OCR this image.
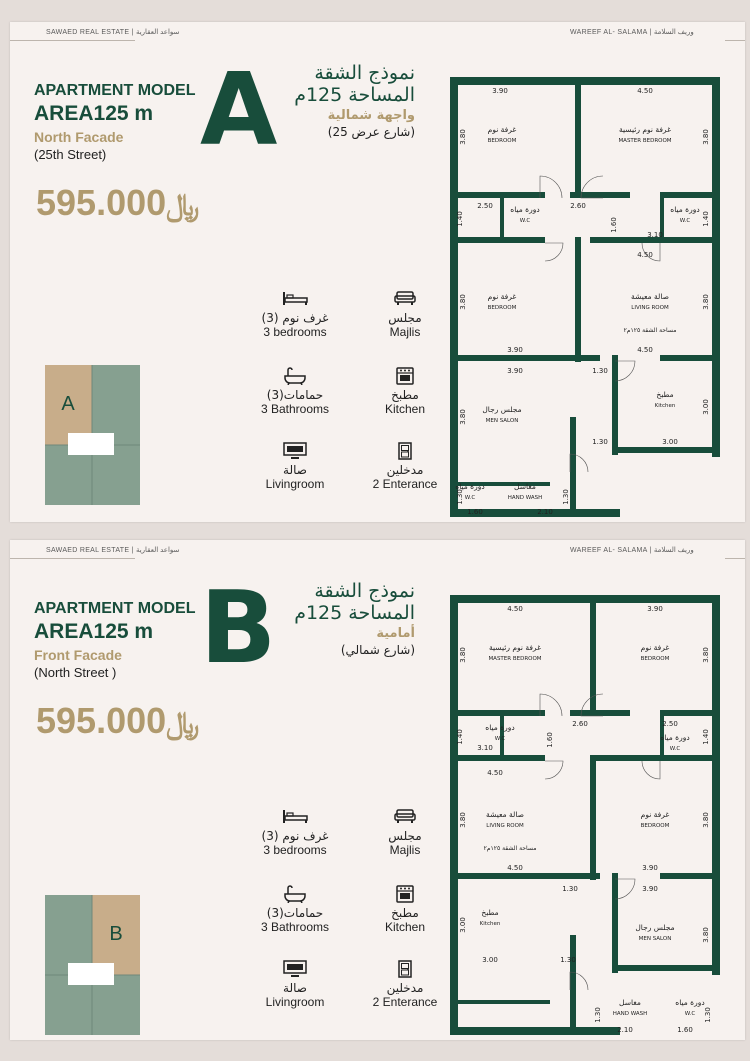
SAWAED REAL ESTATE | سواعد العقارية	WAREEF AL- SALAMA | وريف السلامة
APARTMENT MODEL
AREA125 m
North Facade
(25th Street) A	نموذج الشقة
المساحة 125م
واجهة شمالية
(شارع عرض 25)
﷼595.000
غرف نوم (3)
3 bedrooms
مجلس
Majlis
حمامات(3)
3 Bathrooms
مطبخ
Kitchen
صالة
Livingroom
مدخلين
2 Enterance
A
3.90	4.50
3.80	3.80
2.50	2.60
1.40	1.60
3.10
1.40
4.50
3.80	3.80
3.90	4.50
3.90	1.30
3.80
3.00
1.30	3.00
1.60	2.10
1.30	1.30
غرفة نوم
BEDROOM
غرفة نوم رئيسية
MASTER BEDROOM
دورة مياه
W.C
دورة مياه
W.C
غرفة نوم
BEDROOM
صالة معيشة
LIVING ROOM
مساحة الشقة ١٢٥م٢
مجلس رجال
MEN SALON
مطبخ
Kitchen
دورة مياه
W.C
مغاسل
HAND WASH
SAWAED REAL ESTATE | سواعد العقارية	WAREEF AL- SALAMA | وريف السلامة
APARTMENT MODEL
AREA125 m
Front Facade
(North Street ) B	نموذج الشقة
المساحة 125م
أمامية
(شارع شمالي)
﷼595.000
غرف نوم (3)
3 bedrooms
مجلس
Majlis
حمامات(3)
3 Bathrooms
مطبخ
Kitchen
صالة
Livingroom
مدخلين
2 Enterance
B
4.50	3.90
3.80	3.80
3.10
2.60
1.40	1.60
2.50
1.40
4.50
3.80	3.80
4.50	3.90
3.90
1.30
3.80
3.00	1.30
3.00
1.30
2.10	1.60
1.30
غرفة نوم رئيسية
MASTER BEDROOM
غرفة نوم
BEDROOM
دورة مياه
W.C	دورة مياه
W.C
صالة معيشة
LIVING ROOM
غرفة نوم
BEDROOM
مساحة الشقة ١٢٥م٢
مطبخ
Kitchen	مجلس رجال
MEN SALON
مغاسل
HAND WASH
دورة مياه
W.C
